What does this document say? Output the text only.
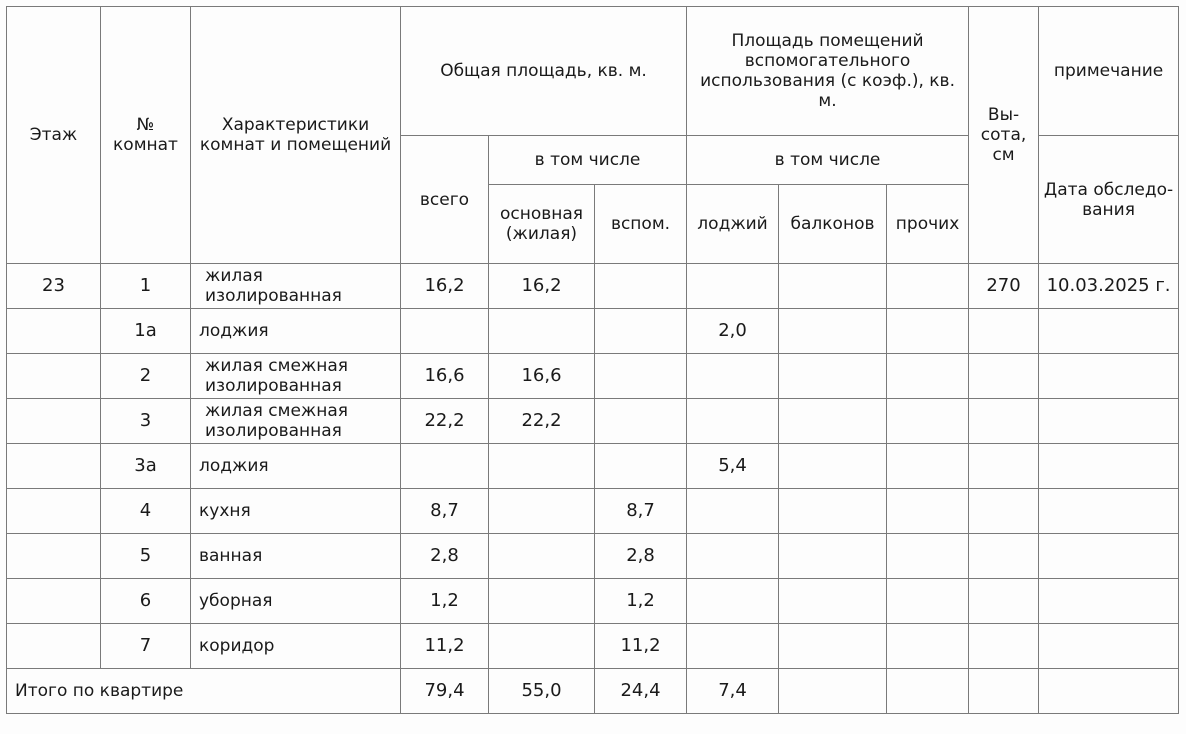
Этаж	№ комнат	Характеристики комнат и помещений	Общая площадь, кв. м.			Площадь помещений вспомогательного использования (с коэф.), кв. м.			Вы-сота, см	примечание
			всего	в том числе		в том числе				Дата обследо-вания
				основная (жилая)	вспом.	лоджий	балконов	прочих		
23	1	жилая изолированная	16,2	16,2					270	10.03.2025 г.
	1а	лоджия				2,0				
	2	жилая смежная изолированная	16,6	16,6						
	3	жилая смежная изолированная	22,2	22,2						
	3а	лоджия				5,4				
	4	кухня	8,7		8,7					
	5	ванная	2,8		2,8					
	6	уборная	1,2		1,2					
	7	коридор	11,2		11,2					
Итого по квартире			79,4	55,0	24,4	7,4				
